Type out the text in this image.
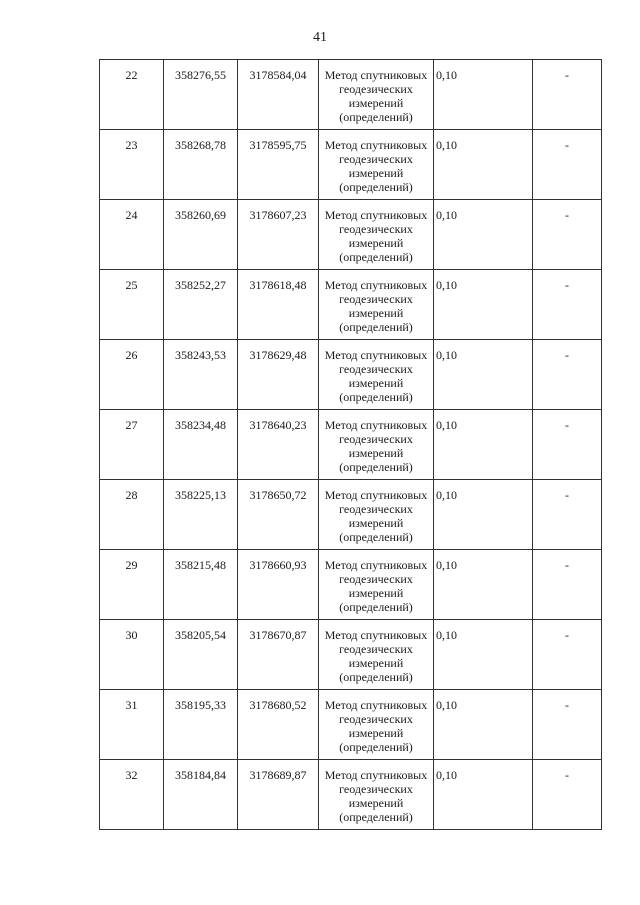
41
22	358276,55	3178584,04	Метод спутниковых
геодезических
измерений
(определений)	0,10	-
23	358268,78	3178595,75	Метод спутниковых
геодезических
измерений
(определений)	0,10	-
24	358260,69	3178607,23	Метод спутниковых
геодезических
измерений
(определений)	0,10	-
25	358252,27	3178618,48	Метод спутниковых
геодезических
измерений
(определений)	0,10	-
26	358243,53	3178629,48	Метод спутниковых
геодезических
измерений
(определений)	0,10	-
27	358234,48	3178640,23	Метод спутниковых
геодезических
измерений
(определений)	0,10	-
28	358225,13	3178650,72	Метод спутниковых
геодезических
измерений
(определений)	0,10	-
29	358215,48	3178660,93	Метод спутниковых
геодезических
измерений
(определений)	0,10	-
30	358205,54	3178670,87	Метод спутниковых
геодезических
измерений
(определений)	0,10	-
31	358195,33	3178680,52	Метод спутниковых
геодезических
измерений
(определений)	0,10	-
32	358184,84	3178689,87	Метод спутниковых
геодезических
измерений
(определений)	0,10	-
